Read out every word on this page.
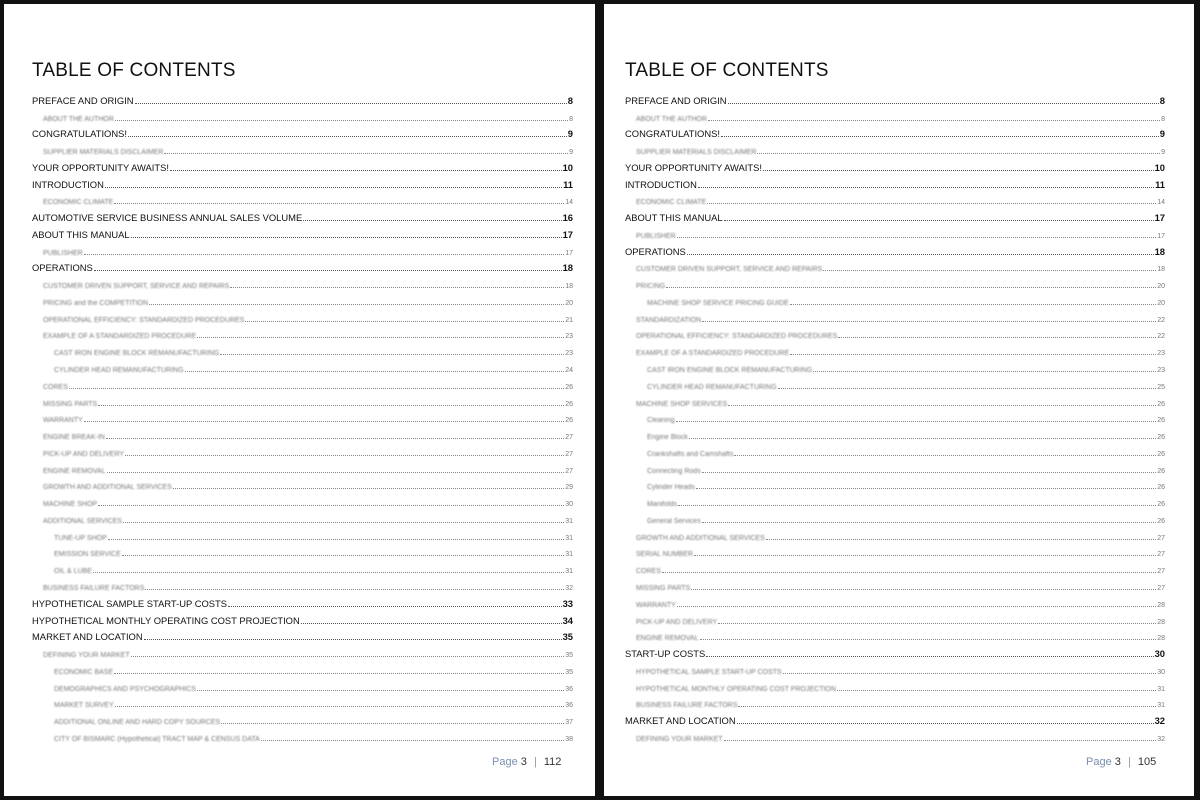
TABLE OF CONTENTS
PREFACE AND ORIGIN	8
ABOUT THE AUTHOR	8
CONGRATULATIONS!	9
SUPPLIER MATERIALS DISCLAIMER	9
YOUR OPPORTUNITY AWAITS!	10
INTRODUCTION	11
ECONOMIC CLIMATE	14
AUTOMOTIVE SERVICE BUSINESS ANNUAL SALES VOLUME	16
ABOUT THIS MANUAL	17
PUBLISHER	17
OPERATIONS	18
CUSTOMER DRIVEN SUPPORT, SERVICE AND REPAIRS	18
PRICING and the COMPETITION	20
OPERATIONAL EFFICIENCY: STANDARDIZED PROCEDURES	21
EXAMPLE OF A STANDARDIZED PROCEDURE	23
CAST IRON ENGINE BLOCK REMANUFACTURING	23
CYLINDER HEAD REMANUFACTURING	24
CORES	26
MISSING PARTS	26
WARRANTY	26
ENGINE BREAK-IN	27
PICK-UP AND DELIVERY	27
ENGINE REMOVAL	27
GROWTH AND ADDITIONAL SERVICES	29
MACHINE SHOP	30
ADDITIONAL SERVICES	31
TUNE-UP SHOP	31
EMISSION SERVICE	31
OIL & LUBE	31
BUSINESS FAILURE FACTORS	32
HYPOTHETICAL SAMPLE START-UP COSTS	33
HYPOTHETICAL MONTHLY OPERATING COST PROJECTION	34
MARKET AND LOCATION	35
DEFINING YOUR MARKET	35
ECONOMIC BASE	35
DEMOGRAPHICS AND PSYCHOGRAPHICS	36
MARKET SURVEY	36
ADDITIONAL ONLINE AND HARD COPY SOURCES	37
CITY OF BISMARC (Hypothetical) TRACT MAP & CENSUS DATA	38
Page 3 | 112
TABLE OF CONTENTS
PREFACE AND ORIGIN	8
ABOUT THE AUTHOR	8
CONGRATULATIONS!	9
SUPPLIER MATERIALS DISCLAIMER	9
YOUR OPPORTUNITY AWAITS!	10
INTRODUCTION	11
ECONOMIC CLIMATE	14
ABOUT THIS MANUAL	17
PUBLISHER	17
OPERATIONS	18
CUSTOMER DRIVEN SUPPORT, SERVICE AND REPAIRS	18
PRICING	20
MACHINE SHOP SERVICE PRICING GUIDE	20
STANDARDIZATION	22
OPERATIONAL EFFICIENCY: STANDARDIZED PROCEDURES	22
EXAMPLE OF A STANDARDIZED PROCEDURE	23
CAST IRON ENGINE BLOCK REMANUFACTURING	23
CYLINDER HEAD REMANUFACTURING	25
MACHINE SHOP SERVICES	26
Cleaning	26
Engine Block	26
Crankshafts and Camshafts	26
Connecting Rods	26
Cylinder Heads	26
Manifolds	26
General Services	26
GROWTH AND ADDITIONAL SERVICES	27
SERIAL NUMBER	27
CORES	27
MISSING PARTS	27
WARRANTY	28
PICK-UP AND DELIVERY	28
ENGINE REMOVAL	28
START-UP COSTS	30
HYPOTHETICAL SAMPLE START-UP COSTS	30
HYPOTHETICAL MONTHLY OPERATING COST PROJECTION	31
BUSINESS FAILURE FACTORS	31
MARKET AND LOCATION	32
DEFINING YOUR MARKET	32
Page 3 | 105
